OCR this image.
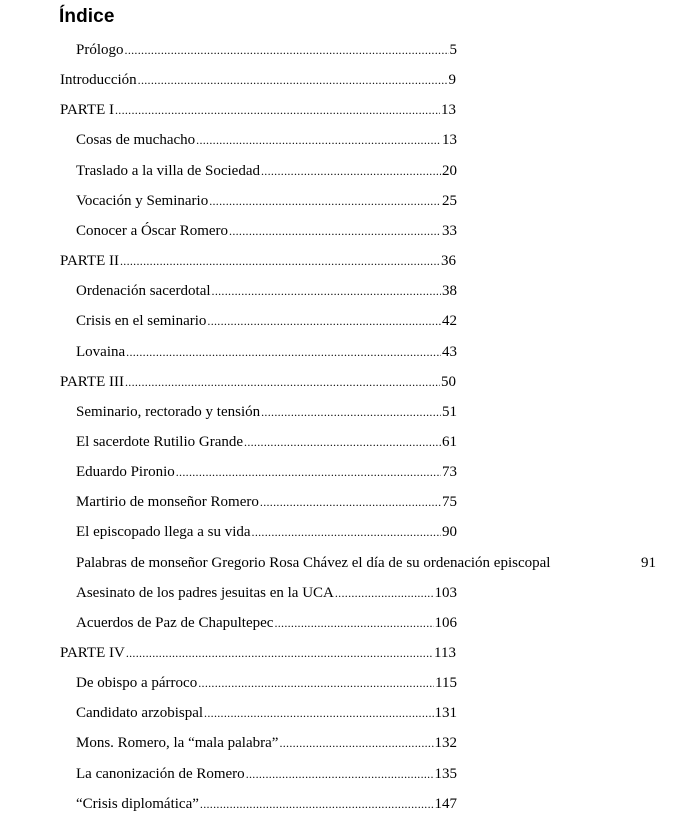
Índice
Prólogo .....	5
Introducción .....	9
PARTE I .....	13
Cosas de muchacho .....	13
Traslado a la villa de Sociedad .....	20
Vocación y Seminario .....	25
Conocer a Óscar Romero .....	33
PARTE II .....	36
Ordenación sacerdotal .....	38
Crisis en el seminario .....	42
Lovaina .....	43
PARTE III .....	50
Seminario, rectorado y tensión .....	51
El sacerdote Rutilio Grande .....	61
Eduardo Pironio .....	73
Martirio de monseñor Romero .....	75
El episcopado llega a su vida .....	90
Palabras de monseñor Gregorio Rosa Chávez el día de su ordenación episcopal	91
Asesinato de los padres jesuitas en la UCA .....	103
Acuerdos de Paz de Chapultepec .....	106
PARTE IV .....	113
De obispo a párroco .....	115
Candidato arzobispal .....	131
Mons. Romero, la “mala palabra” .....	132
La canonización de Romero .....	135
“Crisis diplomática” .....	147
